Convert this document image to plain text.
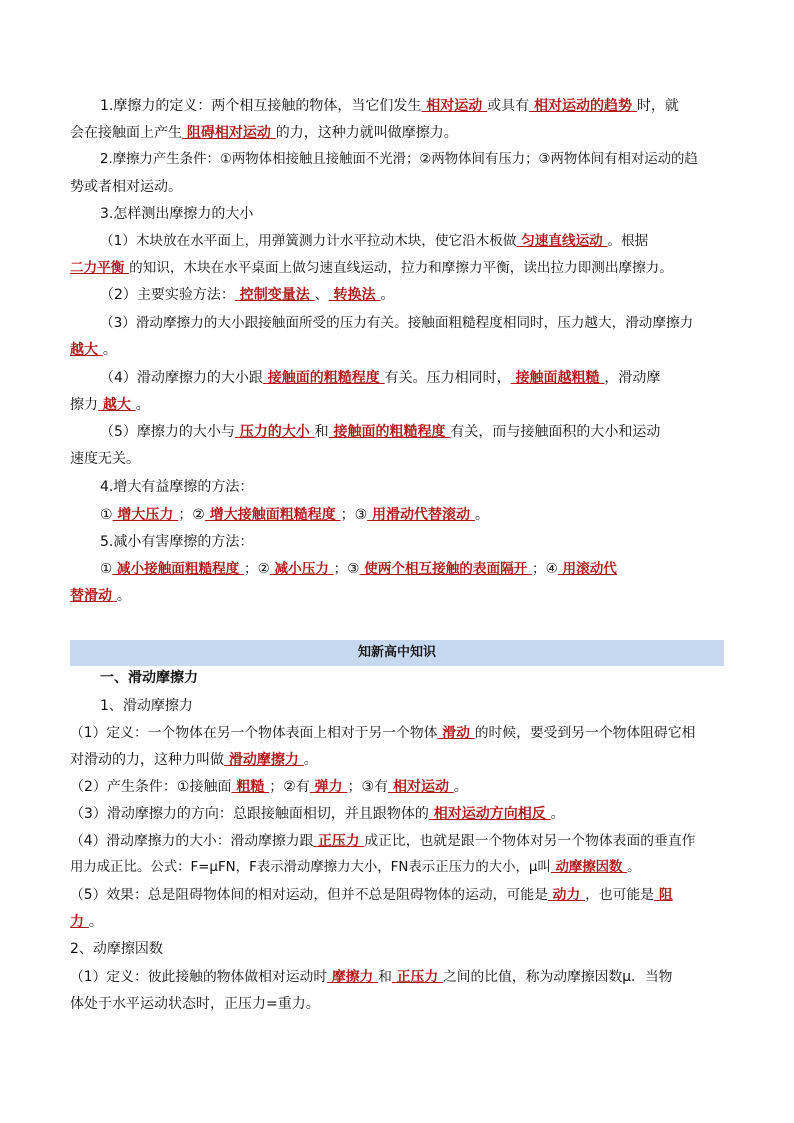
1.摩擦力的定义：两个相互接触的物体，当它们发生 相对运动 或具有 相对运动的趋势 时，就
会在接触面上产生 阻碍相对运动 的力，这种力就叫做摩擦力。
2.摩擦力产生条件：①两物体相接触且接触面不光滑；②两物体间有压力；③两物体间有相对运动的趋
势或者相对运动。
3.怎样测出摩擦力的大小
（1）木块放在水平面上，用弹簧测力计水平拉动木块，使它沿木板做 匀速直线运动 。根据
二力平衡 的知识，木块在水平桌面上做匀速直线运动，拉力和摩擦力平衡，读出拉力即测出摩擦力。
（2）主要实验方法： 控制变量法 、 转换法 。
（3）滑动摩擦力的大小跟接触面所受的压力有关。接触面粗糙程度相同时，压力越大，滑动摩擦力
越大 。
（4）滑动摩擦力的大小跟 接触面的粗糙程度 有关。压力相同时， 接触面越粗糙 ，滑动摩
擦力 越大 。
（5）摩擦力的大小与 压力的大小 和 接触面的粗糙程度 有关，而与接触面积的大小和运动
速度无关。
4.增大有益摩擦的方法：
① 增大压力 ；② 增大接触面粗糙程度 ；③ 用滑动代替滚动 。
5.减小有害摩擦的方法：
① 减小接触面粗糙程度 ；② 减小压力 ；③ 使两个相互接触的表面隔开 ；④ 用滚动代
替滑动 。
知新高中知识
一、滑动摩擦力
1、滑动摩擦力
（1）定义：一个物体在另一个物体表面上相对于另一个物体 滑动 的时候，要受到另一个物体阻碍它相
对滑动的力，这种力叫做 滑动摩擦力 。
（2）产生条件：①接触面 粗糙 ；②有 弹力 ；③有 相对运动 。
（3）滑动摩擦力的方向：总跟接触面相切，并且跟物体的 相对运动方向相反 。
（4）滑动摩擦力的大小：滑动摩擦力跟 正压力 成正比，也就是跟一个物体对另一个物体表面的垂直作
用力成正比。公式：F=μFN，F表示滑动摩擦力大小，FN表示正压力的大小，μ叫 动摩擦因数 。
（5）效果：总是阻碍物体间的相对运动，但并不总是阻碍物体的运动，可能是 动力 ，也可能是 阻
力 。
2、动摩擦因数
（1）定义：彼此接触的物体做相对运动时 摩擦力 和 正压力 之间的比值，称为动摩擦因数μ．当物
体处于水平运动状态时，正压力=重力。
